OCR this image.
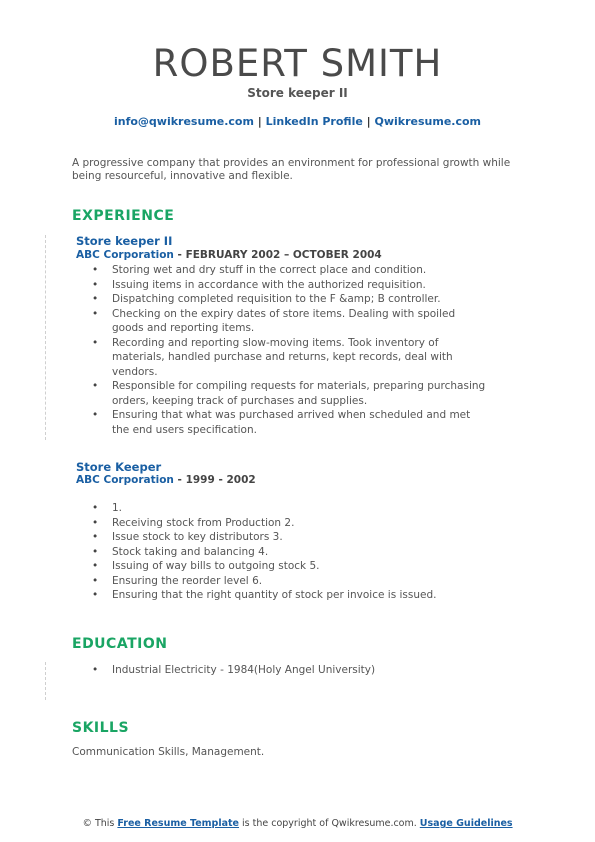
ROBERT SMITH
Store keeper II
info@qwikresume.com | LinkedIn Profile | Qwikresume.com
A progressive company that provides an environment for professional growth while being resourceful, innovative and flexible.
EXPERIENCE
Store keeper II
ABC Corporation - FEBRUARY 2002 – OCTOBER 2004
• Storing wet and dry stuff in the correct place and condition.
• Issuing items in accordance with the authorized requisition.
• Dispatching completed requisition to the F &amp; B controller.
• Checking on the expiry dates of store items. Dealing with spoiled goods and reporting items.
• Recording and reporting slow-moving items. Took inventory of materials, handled purchase and returns, kept records, deal with vendors.
• Responsible for compiling requests for materials, preparing purchasing orders, keeping track of purchases and supplies.
• Ensuring that what was purchased arrived when scheduled and met the end users specification.
Store Keeper
ABC Corporation - 1999 - 2002
• 1.
• Receiving stock from Production 2.
• Issue stock to key distributors 3.
• Stock taking and balancing 4.
• Issuing of way bills to outgoing stock 5.
• Ensuring the reorder level 6.
• Ensuring that the right quantity of stock per invoice is issued.
EDUCATION
• Industrial Electricity - 1984(Holy Angel University)
SKILLS
Communication Skills, Management.
© This Free Resume Template is the copyright of Qwikresume.com. Usage Guidelines
